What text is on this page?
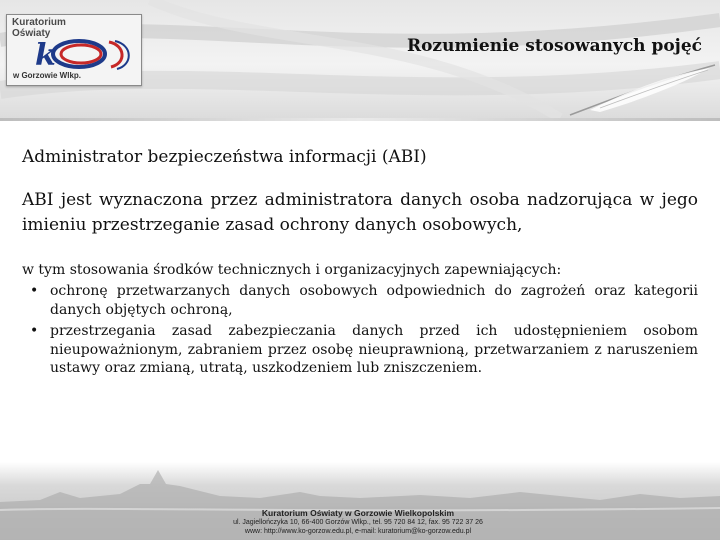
Kuratorium
Oświaty
k
w Gorzowie Wlkp.
Rozumienie stosowanych pojęć

Administrator bezpieczeństwa informacji (ABI)

ABI jest wyznaczona przez administratora danych osoba nadzorująca w jego imieniu przestrzeganie zasad ochrony danych osobowych,

w tym stosowania środków technicznych i organizacyjnych zapewniających:

• ochronę przetwarzanych danych osobowych odpowiednich do zagrożeń oraz kategorii danych objętych ochroną,
• przestrzegania zasad zabezpieczania danych przed ich udostępnieniem osobom nieupoważnionym, zabraniem przez osobę nieuprawnioną, przetwarzaniem z naruszeniem ustawy oraz zmianą, utratą, uszkodzeniem lub zniszczeniem.
Kuratorium Oświaty w Gorzowie Wielkopolskim
ul. Jagiellończyka 10, 66-400 Gorzów Wlkp., tel. 95 720 84 12, fax. 95 722 37 26
www: http://www.ko-gorzow.edu.pl, e-mail: kuratorium@ko-gorzow.edu.pl
